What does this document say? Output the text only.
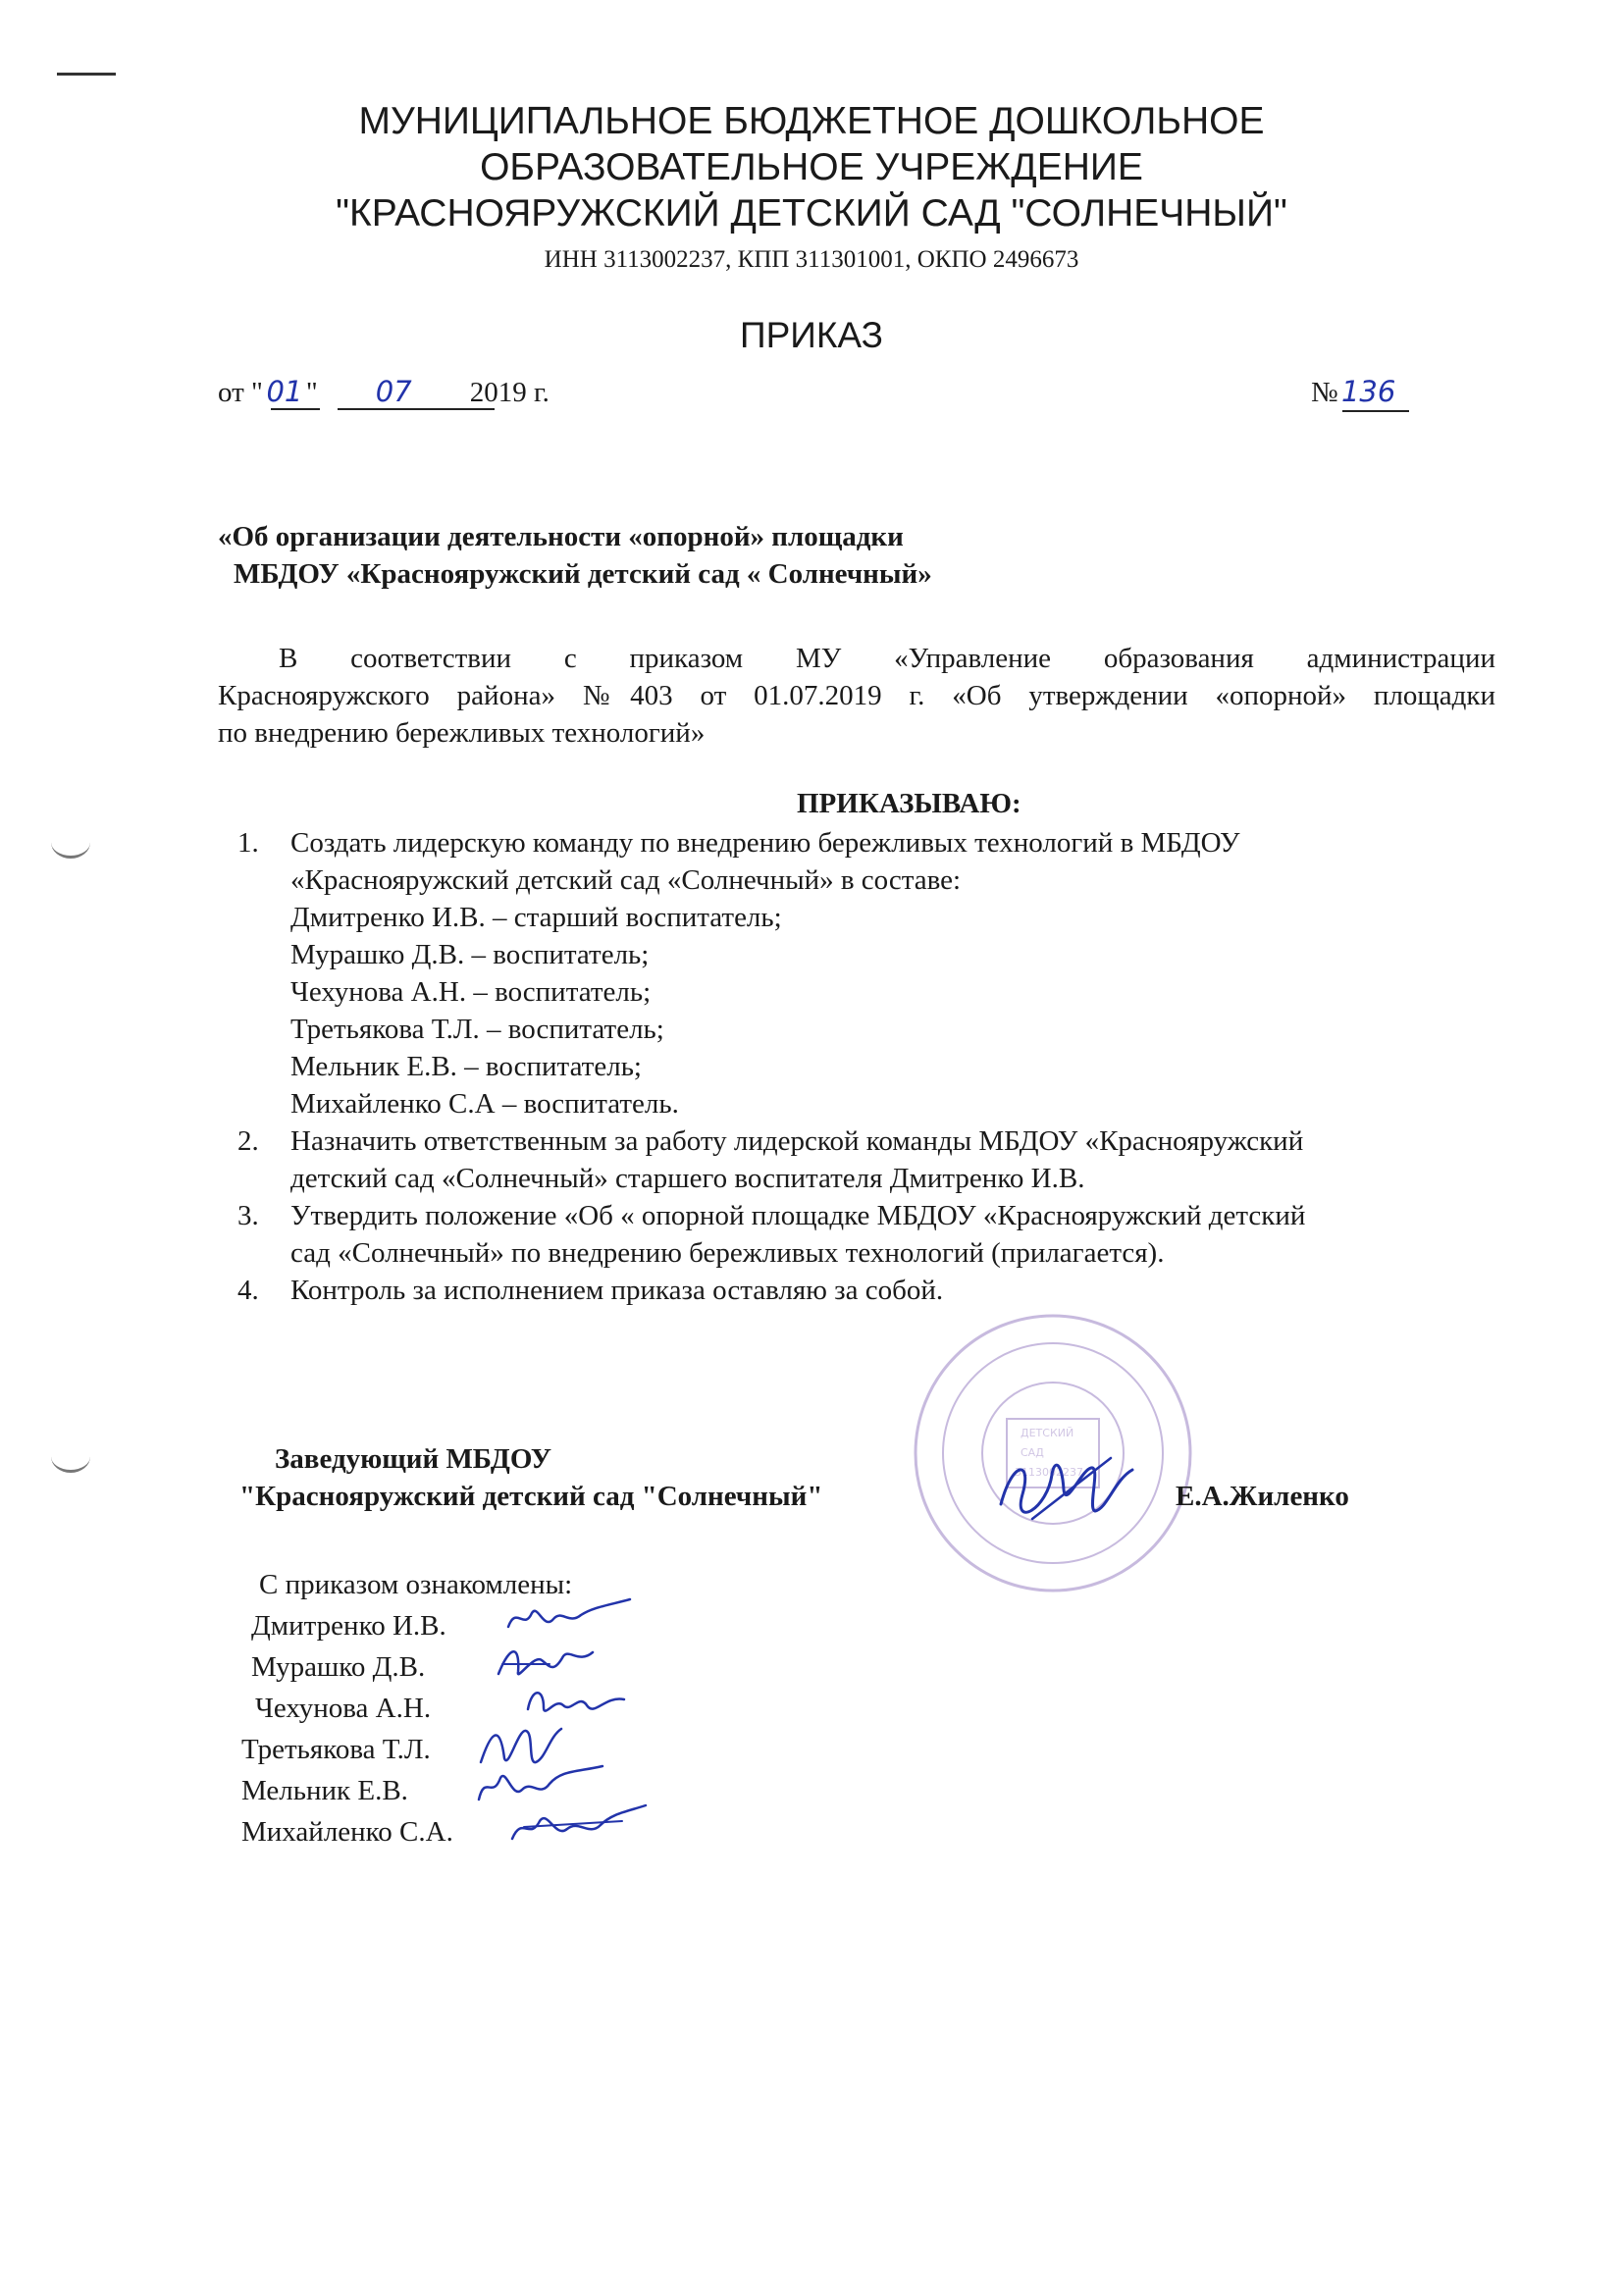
МУНИЦИПАЛЬНОЕ БЮДЖЕТНОЕ ДОШКОЛЬНОЕ
ОБРАЗОВАТЕЛЬНОЕ УЧРЕЖДЕНИЕ
"КРАСНОЯРУЖСКИЙ ДЕТСКИЙ САД "СОЛНЕЧНЫЙ"
ИНН 3113002237, КПП 311301001, ОКПО 2496673
ПРИКАЗ
от " 01 " 07 2019 г.	№ 136
«Об организации деятельности «опорной» площадки
МБДОУ «Краснояружский детский сад « Солнечный»
В соответствии с приказом МУ «Управление образования администрации
Краснояружского района» №403 от 01.07.2019 г. «Об утверждении «опорной» площадки
по внедрению бережливых технологий»
ПРИКАЗЫВАЮ:
1. Создать лидерскую команду по внедрению бережливых технологий в МБДОУ
«Краснояружский детский сад «Солнечный» в составе:
Дмитренко И.В. – старший воспитатель;
Мурашко Д.В. – воспитатель;
Чехунова А.Н. – воспитатель;
Третьякова Т.Л. – воспитатель;
Мельник Е.В. – воспитатель;
Михайленко С.А – воспитатель.
2. Назначить ответственным за работу лидерской команды МБДОУ «Краснояружский
детский сад «Солнечный» старшего воспитателя Дмитренко И.В.
3. Утвердить положение «Об « опорной площадке МБДОУ «Краснояружский детский
сад «Солнечный» по внедрению бережливых технологий (прилагается).
4. Контроль за исполнением приказа оставляю за собой.
ДЕТСКИЙ
САД
3113002237
Заведующий МБДОУ
"Краснояружский детский сад "Солнечный"	Е.А.Жиленко
С приказом ознакомлены:
Дмитренко И.В.
Мурашко Д.В.
Чехунова А.Н.
Третьякова Т.Л.
Мельник Е.В.
Михайленко С.А.
